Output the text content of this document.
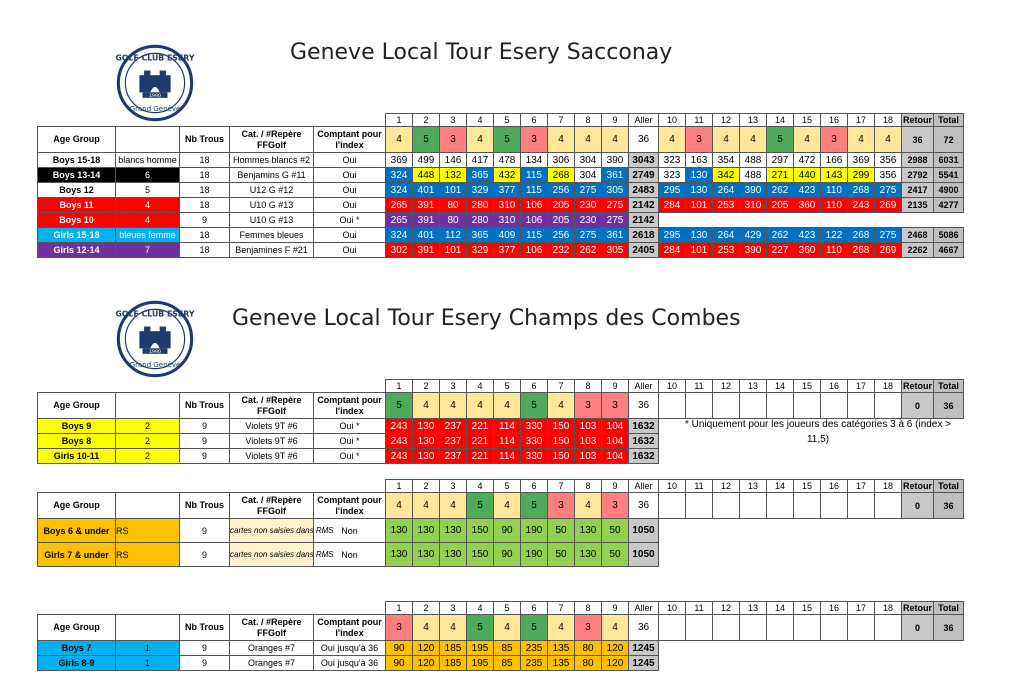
Geneve Local Tour Esery Sacconay
Geneve Local Tour Esery Champs des Combes
1990
GOLF CLUB ESERY
Grand Genève
1990
GOLF CLUB ESERY
Grand Genève
					1	2	3	4	5	6	7	8	9	Aller	10	11	12	13	14	15	16	17	18	Retour	Total
Age Group		Nb Trous	Cat. / #Repère FFGolf	Comptant pour l'index	4	5	3	4	5	3	4	4	4	36	4	3	4	4	5	4	3	4	4	36	72
Boys 15-18	blancs homme	18	Hommes blancs #2	Oui	369	499	146	417	478	134	306	304	390	3043	323	163	354	488	297	472	166	369	356	2988	6031
Boys 13-14	6	18	Benjamins G #11	Oui	324	448	132	365	432	115	268	304	361	2749	323	130	342	488	271	440	143	299	356	2792	5541
Boys 12	5	18	U12 G #12	Oui	324	401	101	329	377	115	256	275	305	2483	295	130	264	390	262	423	110	268	275	2417	4900
Boys 11	4	18	U10 G #13	Oui	265	391	80	280	310	106	205	230	275	2142	284	101	253	310	205	360	110	243	269	2135	4277
Boys 10	4	9	U10 G #13	Oui *	265	391	80	280	310	106	205	230	275	2142											
Girls 15-18	bleues femme	18	Femmes bleues	Oui	324	401	112	365	409	115	256	275	361	2618	295	130	264	429	262	423	122	268	275	2468	5086
Girls 12-14	7	18	Benjamines F #21	Oui	302	391	101	329	377	106	232	262	305	2405	284	101	253	390	227	360	110	268	269	2262	4667
					1	2	3	4	5	6	7	8	9	Aller	10	11	12	13	14	15	16	17	18	Retour	Total
Age Group		Nb Trous	Cat. / #Repère FFGolf	Comptant pour l'index	5	4	4	4	4	5	4	3	3	36										0	36
Boys 9	2	9	Violets 9T #6	Oui *	243	130	237	221	114	330	150	103	104	1632											
Boys 8	2	9	Violets 9T #6	Oui *	243	130	237	221	114	330	150	103	104	1632											
Girls 10-11	2	9	Violets 9T #6	Oui *	243	130	237	221	114	330	150	103	104	1632											
					1	2	3	4	5	6	7	8	9	Aller	10	11	12	13	14	15	16	17	18	Retour	Total
Age Group		Nb Trous	Cat. / #Repère FFGolf	Comptant pour l'index	4	4	4	5	4	5	3	4	3	36										0	36
Boys 6 & under	RS	9	cartes non saisies dans RMS	Non	130	130	130	150	90	190	50	130	50	1050											
Girls 7 & under	RS	9	cartes non saisies dans RMS	Non	130	130	130	150	90	190	50	130	50	1050											
					1	2	3	4	5	6	7	8	9	Aller	10	11	12	13	14	15	16	17	18	Retour	Total
Age Group		Nb Trous	Cat. / #Repère FFGolf	Comptant pour l'index	3	4	4	5	4	5	4	3	4	36										0	36
Boys 7	1	9	Oranges #7	Oui jusqu'à 36	90	120	185	195	85	235	135	80	120	1245											
Girls 8-9	1	9	Oranges #7	Oui jusqu'à 36	90	120	185	195	85	235	135	80	120	1245											
* Uniquement pour les joueurs des catégories 3 à 6 (index > 11,5)
